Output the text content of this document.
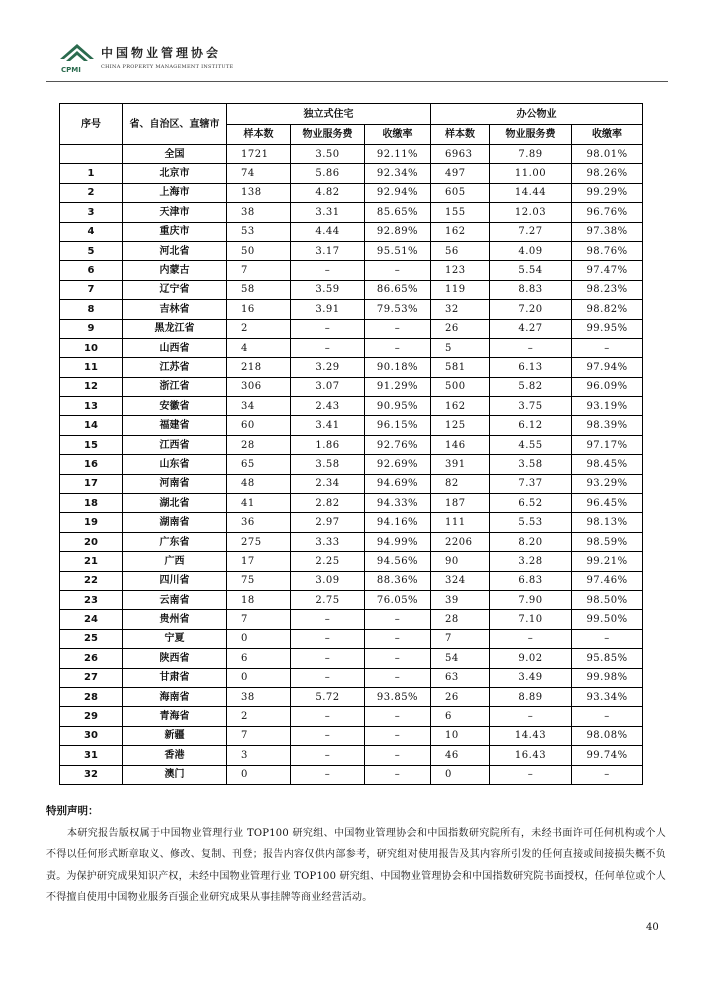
CPMI
中国物业管理协会
CHINA PROPERTY MANAGEMENT INSTITUTE
序号	省、自治区、直辖市	独立式住宅			办公物业		
		样本数	物业服务费	收缴率	样本数	物业服务费	收缴率
	全国	1721	3.50	92.11%	6963	7.89	98.01%
1	北京市	74	5.86	92.34%	497	11.00	98.26%
2	上海市	138	4.82	92.94%	605	14.44	99.29%
3	天津市	38	3.31	85.65%	155	12.03	96.76%
4	重庆市	53	4.44	92.89%	162	7.27	97.38%
5	河北省	50	3.17	95.51%	56	4.09	98.76%
6	内蒙古	7	–	–	123	5.54	97.47%
7	辽宁省	58	3.59	86.65%	119	8.83	98.23%
8	吉林省	16	3.91	79.53%	32	7.20	98.82%
9	黑龙江省	2	–	–	26	4.27	99.95%
10	山西省	4	–	–	5	–	–
11	江苏省	218	3.29	90.18%	581	6.13	97.94%
12	浙江省	306	3.07	91.29%	500	5.82	96.09%
13	安徽省	34	2.43	90.95%	162	3.75	93.19%
14	福建省	60	3.41	96.15%	125	6.12	98.39%
15	江西省	28	1.86	92.76%	146	4.55	97.17%
16	山东省	65	3.58	92.69%	391	3.58	98.45%
17	河南省	48	2.34	94.69%	82	7.37	93.29%
18	湖北省	41	2.82	94.33%	187	6.52	96.45%
19	湖南省	36	2.97	94.16%	111	5.53	98.13%
20	广东省	275	3.33	94.99%	2206	8.20	98.59%
21	广西	17	2.25	94.56%	90	3.28	99.21%
22	四川省	75	3.09	88.36%	324	6.83	97.46%
23	云南省	18	2.75	76.05%	39	7.90	98.50%
24	贵州省	7	–	–	28	7.10	99.50%
25	宁夏	0	–	–	7	–	–
26	陕西省	6	–	–	54	9.02	95.85%
27	甘肃省	0	–	–	63	3.49	99.98%
28	海南省	38	5.72	93.85%	26	8.89	93.34%
29	青海省	2	–	–	6	–	–
30	新疆	7	–	–	10	14.43	98.08%
31	香港	3	–	–	46	16.43	99.74%
32	澳门	0	–	–	0	–	–
特别声明：

本研究报告版权属于中国物业管理行业 TOP100 研究组、中国物业管理协会和中国指数研究院所有，未经书面许可任何机构或个人不得以任何形式断章取义、修改、复制、刊登；报告内容仅供内部参考，研究组对使用报告及其内容所引发的任何直接或间接损失概不负责。为保护研究成果知识产权，未经中国物业管理行业 TOP100 研究组、中国物业管理协会和中国指数研究院书面授权，任何单位或个人不得擅自使用中国物业服务百强企业研究成果从事挂牌等商业经营活动。

40
